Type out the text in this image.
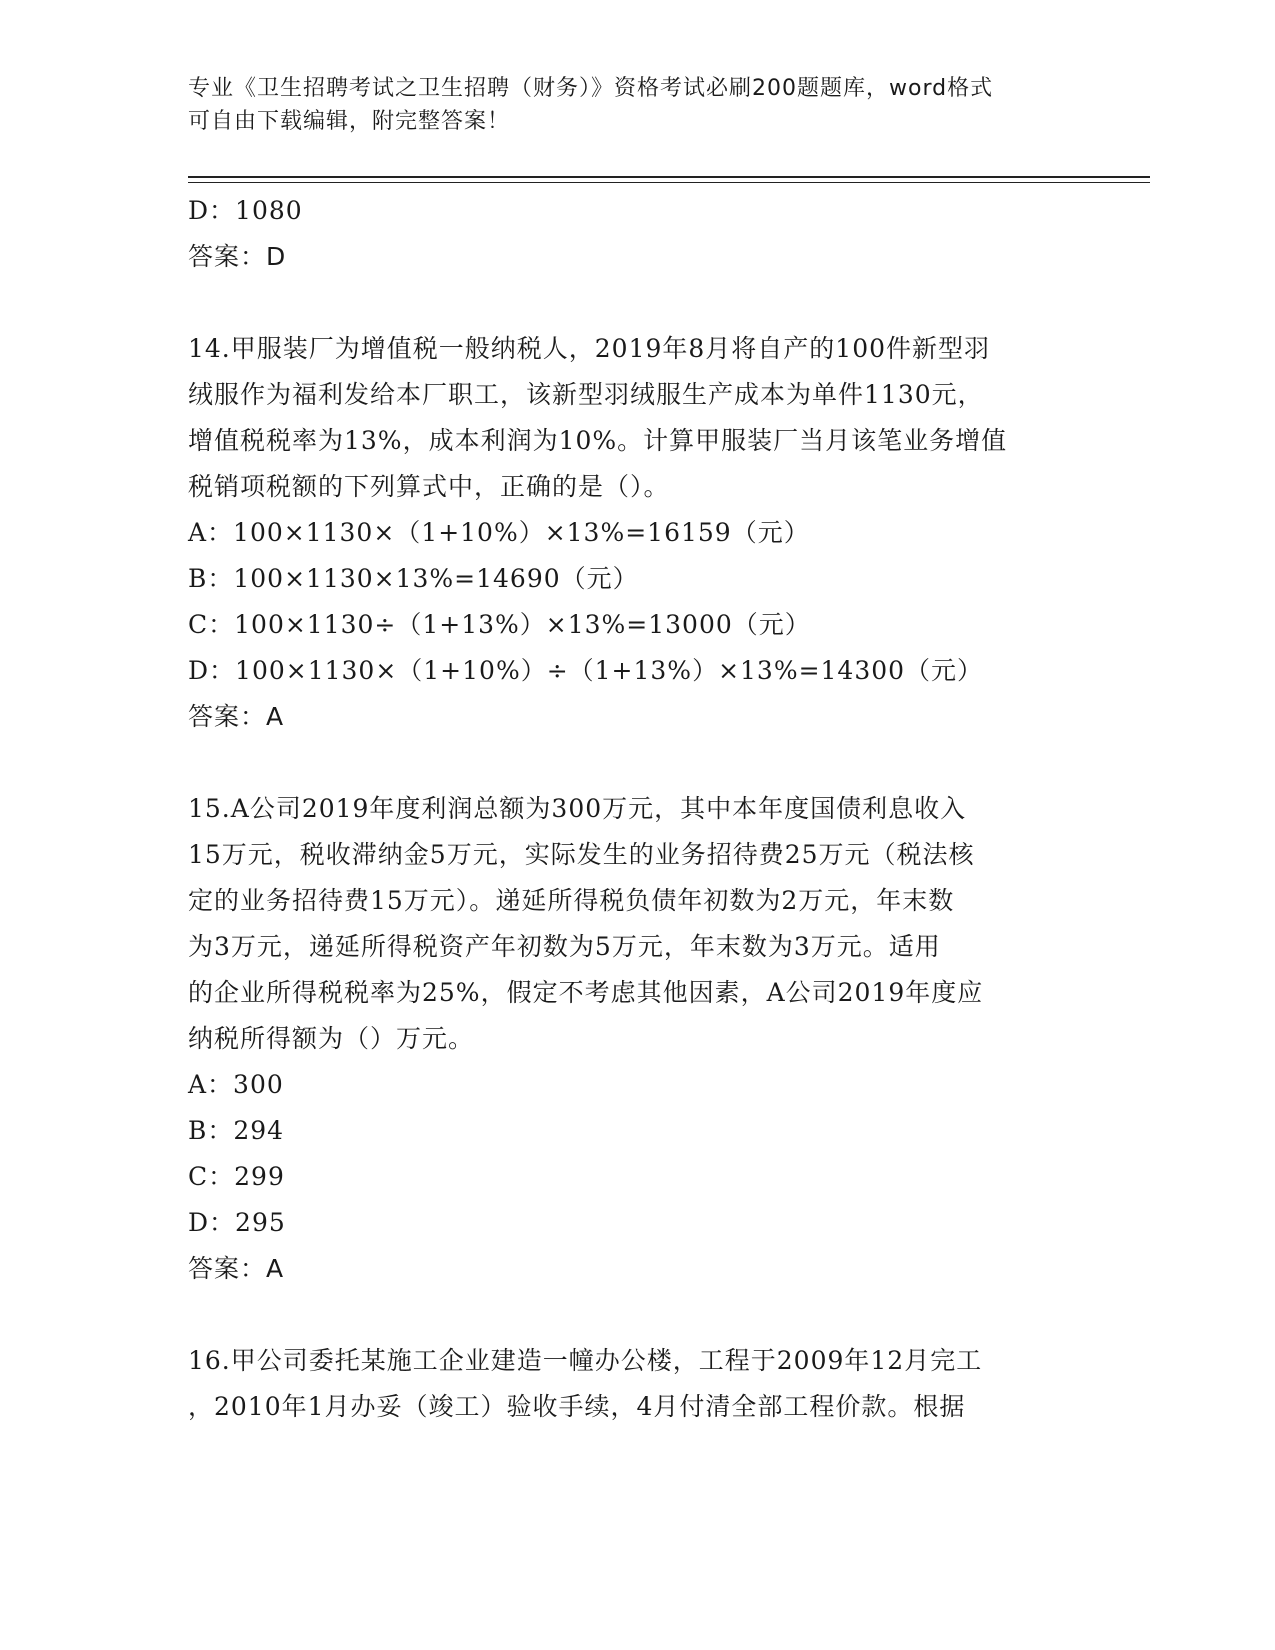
专业《卫生招聘考试之卫生招聘（财务）》资格考试必刷200题题库，word格式
可自由下载编辑，附完整答案！
D：1080
答案：D
14.甲服装厂为增值税一般纳税人，2019年8月将自产的100件新型羽
绒服作为福利发给本厂职工，该新型羽绒服生产成本为单件1130元，
增值税税率为13%，成本利润为10%。计算甲服装厂当月该笔业务增值
税销项税额的下列算式中，正确的是（）。
A：100×1130×（1+10%）×13%=16159（元）
B：100×1130×13%=14690（元）
C：100×1130÷（1+13%）×13%=13000（元）
D：100×1130×（1+10%）÷（1+13%）×13%=14300（元）
答案：A
15.A公司2019年度利润总额为300万元，其中本年度国债利息收入
15万元，税收滞纳金5万元，实际发生的业务招待费25万元（税法核
定的业务招待费15万元）。递延所得税负债年初数为2万元，年末数
为3万元，递延所得税资产年初数为5万元，年末数为3万元。适用
的企业所得税税率为25%，假定不考虑其他因素，A公司2019年度应
纳税所得额为（）万元。
A：300
B：294
C：299
D：295
答案：A
16.甲公司委托某施工企业建造一幢办公楼，工程于2009年12月完工
，2010年1月办妥（竣工）验收手续，4月付清全部工程价款。根据
